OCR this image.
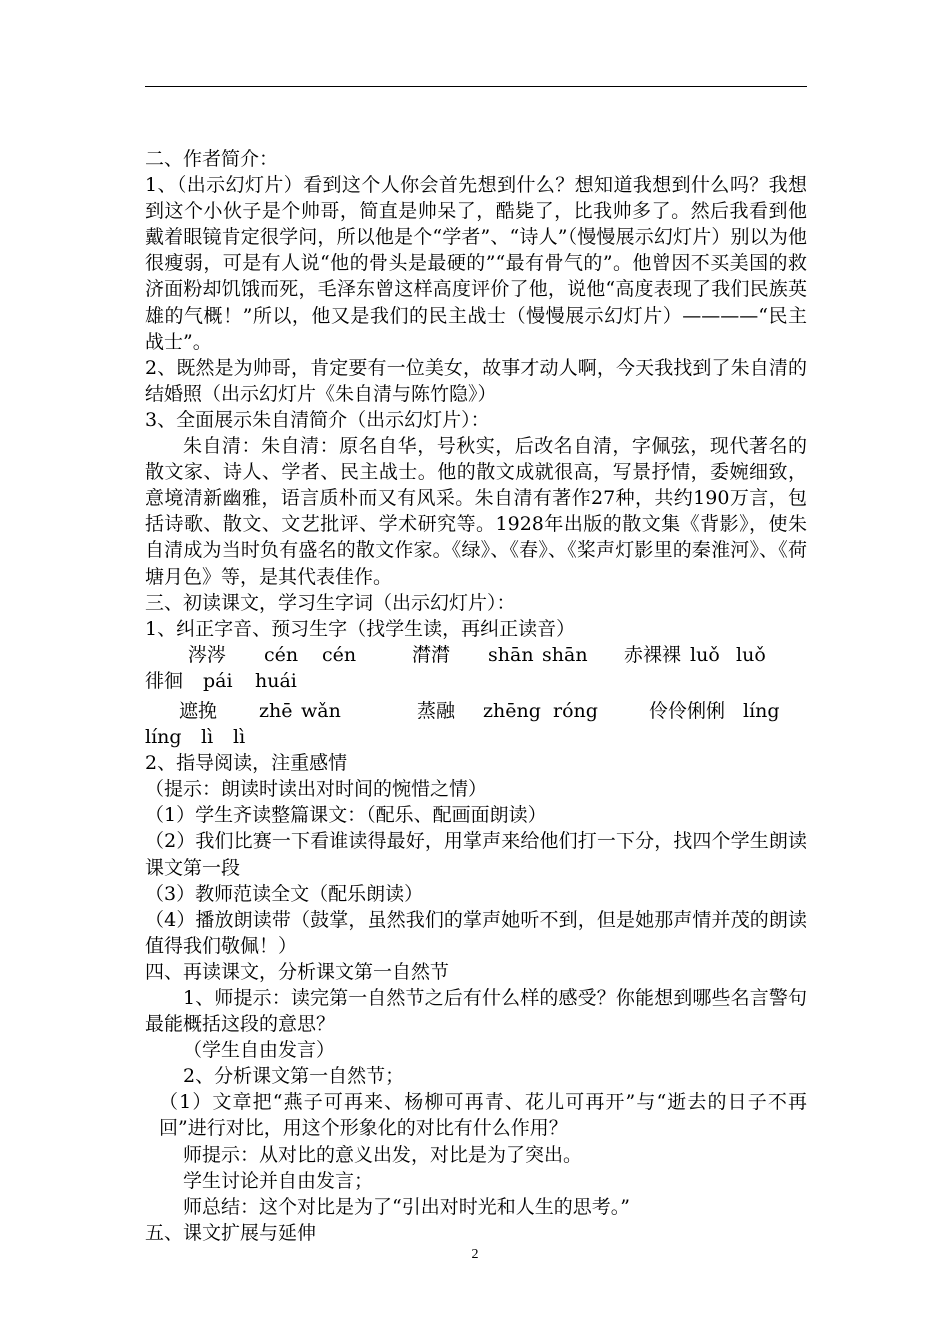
二、作者简介：

1、（出示幻灯片）看到这个人你会首先想到什么？想知道我想到什么吗？我想到这个小伙子是个帅哥，简直是帅呆了，酷毙了，比我帅多了。然后我看到他戴着眼镜肯定很学问，所以他是个“学者”、“诗人”（慢慢展示幻灯片）别以为他很瘦弱，可是有人说“他的骨头是最硬的”“最有骨气的”。他曾因不买美国的救济面粉却饥饿而死，毛泽东曾这样高度评价了他，说他“高度表现了我们民族英雄的气概！”所以，他又是我们的民主战士（慢慢展示幻灯片）————“民主战士”。

2、既然是为帅哥，肯定要有一位美女，故事才动人啊，今天我找到了朱自清的结婚照（出示幻灯片《朱自清与陈竹隐》）

3、全面展示朱自清简介（出示幻灯片）：

朱自清：朱自清：原名自华，号秋实，后改名自清，字佩弦，现代著名的散文家、诗人、学者、民主战士。他的散文成就很高，写景抒情，委婉细致，意境清新幽雅，语言质朴而又有风采。朱自清有著作27种，共约190万言，包括诗歌、散文、文艺批评、学术研究等。1928年出版的散文集《背影》，使朱自清成为当时负有盛名的散文作家。《绿》、《春》、《桨声灯影里的秦淮河》、《荷塘月色》等，是其代表佳作。

三、初读课文，学习生字词（出示幻灯片）：

1、纠正字音、预习生字（找学生读，再纠正读音）

涔涔	cén	cén	潸潸	shān shān	赤裸裸 luǒ luǒ
徘徊	pái	huái
遮挽	zhē wǎn	蒸融	zhēng róng	伶伶俐俐 líng
líng	lì	lì

2、指导阅读，注重感情

（提示：朗读时读出对时间的惋惜之情）

（1）学生齐读整篇课文：（配乐、配画面朗读）

（2）我们比赛一下看谁读得最好，用掌声来给他们打一下分，找四个学生朗读课文第一段

（3）教师范读全文（配乐朗读）

（4）播放朗读带（鼓掌，虽然我们的掌声她听不到，但是她那声情并茂的朗读值得我们敬佩！）

四、再读课文，分析课文第一自然节

1、师提示：读完第一自然节之后有什么样的感受？你能想到哪些名言警句最能概括这段的意思？

（学生自由发言）

2、分析课文第一自然节；

（1）文章把“燕子可再来、杨柳可再青、花儿可再开”与“逝去的日子不再回”进行对比，用这个形象化的对比有什么作用？

师提示：从对比的意义出发，对比是为了突出。

学生讨论并自由发言；

师总结：这个对比是为了“引出对时光和人生的思考。”

五、课文扩展与延伸

2
